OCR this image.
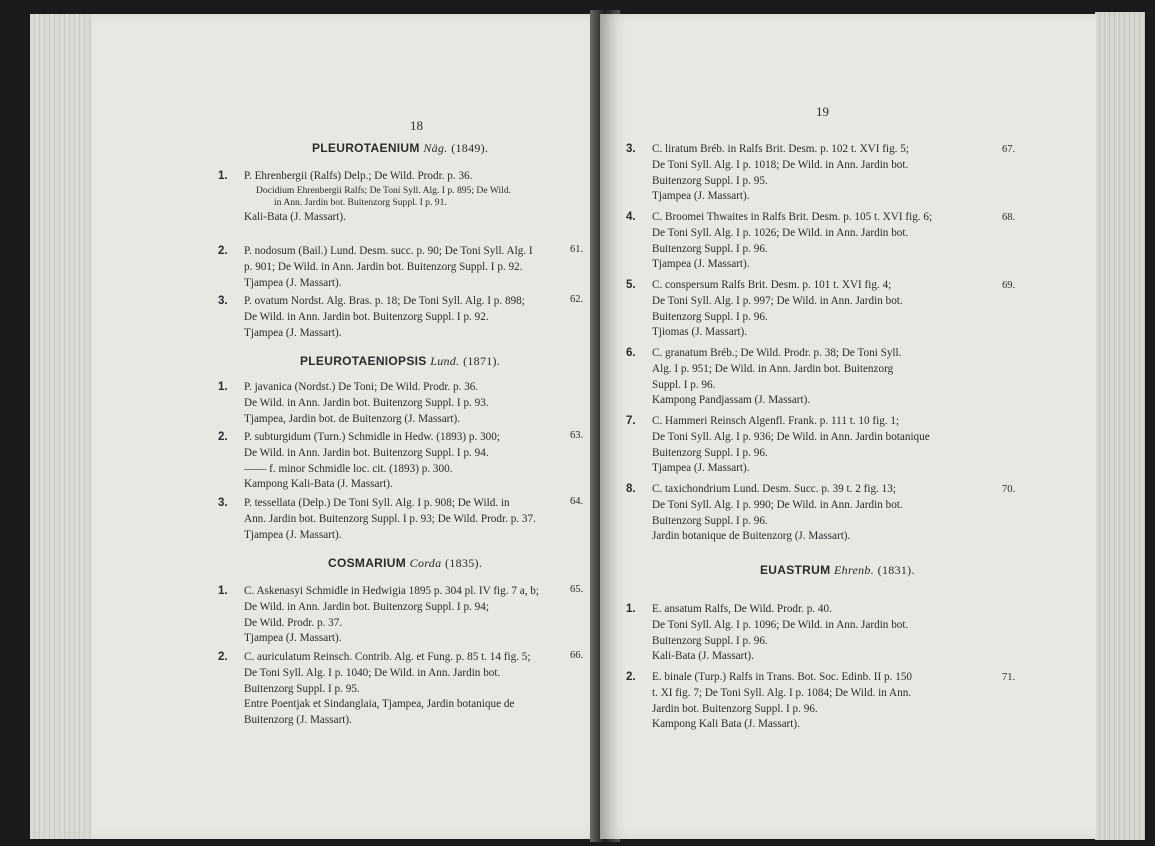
18
PLEUROTAENIUM Näg. (1849).
1. P. Ehrenbergii (Ralfs) Delp.; De Wild. Prodr. p. 36.
Docidium Ehrenbergii Ralfs; De Toni Syll. Alg. I p. 895; De Wild.
in Ann. Jardin bot. Buitenzorg Suppl. I p. 91.
Kali-Bata (J. Massart).
2. P. nodosum (Bail.) Lund. Desm. succ. p. 90; De Toni Syll. Alg. I
p. 901; De Wild. in Ann. Jardin bot. Buitenzorg Suppl. I p. 92.
Tjampea (J. Massart).
61.
3. P. ovatum Nordst. Alg. Bras. p. 18; De Toni Syll. Alg. I p. 898;
De Wild. in Ann. Jardin bot. Buitenzorg Suppl. I p. 92.
Tjampea (J. Massart).
62.
PLEUROTAENIOPSIS Lund. (1871).
1. P. javanica (Nordst.) De Toni; De Wild. Prodr. p. 36.
De Wild. in Ann. Jardin bot. Buitenzorg Suppl. I p. 93.
Tjampea, Jardin bot. de Buitenzorg (J. Massart).
2. P. subturgidum (Turn.) Schmidle in Hedw. (1893) p. 300;
De Wild. in Ann. Jardin bot. Buitenzorg Suppl. I p. 94.
—— f. minor Schmidle loc. cit. (1893) p. 300.
Kampong Kali-Bata (J. Massart).
63.
3. P. tessellata (Delp.) De Toni Syll. Alg. I p. 908; De Wild. in
Ann. Jardin bot. Buitenzorg Suppl. I p. 93; De Wild. Prodr. p. 37.
Tjampea (J. Massart).
64.
COSMARIUM Corda (1835).
1. C. Askenasyi Schmidle in Hedwigia 1895 p. 304 pl. IV fig. 7 a, b;
De Wild. in Ann. Jardin bot. Buitenzorg Suppl. I p. 94;
De Wild. Prodr. p. 37.
Tjampea (J. Massart).
65.
2. C. auriculatum Reinsch. Contrib. Alg. et Fung. p. 85 t. 14 fig. 5;
De Toni Syll. Alg. I p. 1040; De Wild. in Ann. Jardin bot.
Buitenzorg Suppl. I p. 95.
Entre Poentjak et Sindanglaia, Tjampea, Jardin botanique de
Buitenzorg (J. Massart).
66.
19
3. C. liratum Bréb. in Ralfs Brit. Desm. p. 102 t. XVI fig. 5;
De Toni Syll. Alg. I p. 1018; De Wild. in Ann. Jardin bot.
Buitenzorg Suppl. I p. 95.
Tjampea (J. Massart).
67.
4. C. Broomei Thwaites in Ralfs Brit. Desm. p. 105 t. XVI fig. 6;
De Toni Syll. Alg. I p. 1026; De Wild. in Ann. Jardin bot.
Buitenzorg Suppl. I p. 96.
Tjampea (J. Massart).
68.
5. C. conspersum Ralfs Brit. Desm. p. 101 t. XVI fig. 4;
De Toni Syll. Alg. I p. 997; De Wild. in Ann. Jardin bot.
Buitenzorg Suppl. I p. 96.
Tjiomas (J. Massart).
69.
6. C. granatum Bréb.; De Wild. Prodr. p. 38; De Toni Syll.
Alg. I p. 951; De Wild. in Ann. Jardin bot. Buitenzorg
Suppl. I p. 96.
Kampong Pandjassam (J. Massart).
7. C. Hammeri Reinsch Algenfl. Frank. p. 111 t. 10 fig. 1;
De Toni Syll. Alg. I p. 936; De Wild. in Ann. Jardin botanique
Buitenzorg Suppl. I p. 96.
Tjampea (J. Massart).
8. C. taxichondrium Lund. Desm. Succ. p. 39 t. 2 fig. 13;
De Toni Syll. Alg. I p. 990; De Wild. in Ann. Jardin bot.
Buitenzorg Suppl. I p. 96.
Jardin botanique de Buitenzorg (J. Massart).
70.
EUASTRUM Ehrenb. (1831).
1. E. ansatum Ralfs, De Wild. Prodr. p. 40.
De Toni Syll. Alg. I p. 1096; De Wild. in Ann. Jardin bot.
Buitenzorg Suppl. I p. 96.
Kali-Bata (J. Massart).
2. E. binale (Turp.) Ralfs in Trans. Bot. Soc. Edinb. II p. 150
t. XI fig. 7; De Toni Syll. Alg. I p. 1084; De Wild. in Ann.
Jardin bot. Buitenzorg Suppl. I p. 96.
Kampong Kali Bata (J. Massart).
71.
